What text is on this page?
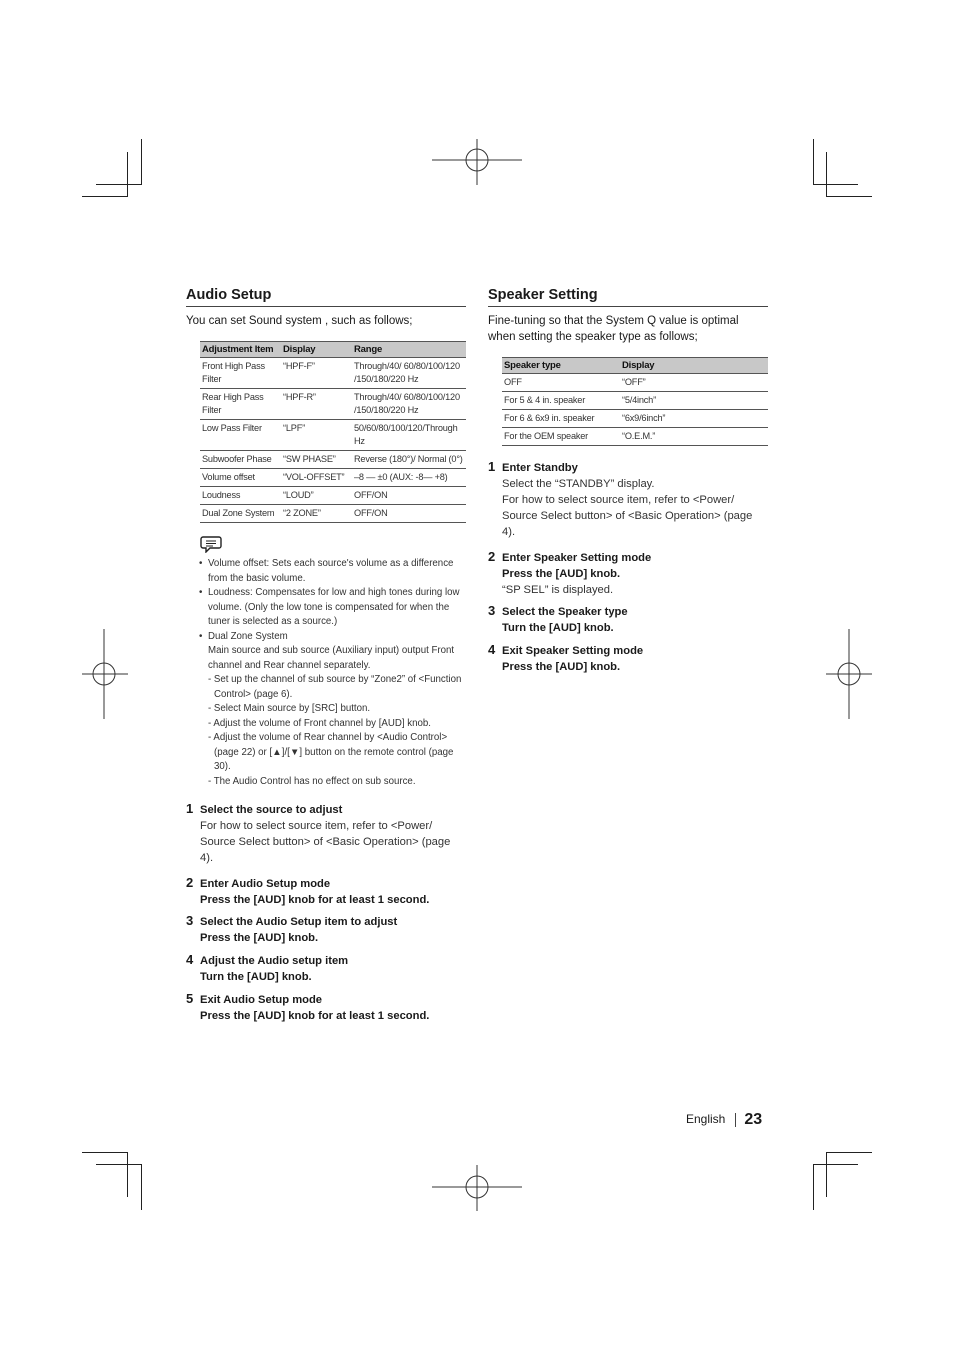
Audio Setup

You can set Sound system , such as follows;

Adjustment Item	Display	Range
Front High Pass Filter	“HPF-F”	Through/40/ 60/80/100/120 /150/180/220 Hz
Rear High Pass Filter	“HPF-R”	Through/40/ 60/80/100/120 /150/180/220 Hz
Low Pass Filter	“LPF”	50/60/80/100/120/Through Hz
Subwoofer Phase	“SW PHASE”	Reverse (180°)/ Normal (0°)
Volume offset	“VOL-OFFSET”	–8 — ±0 (AUX: -8— +8)
Loudness	“LOUD”	OFF/ON
Dual Zone System	“2 ZONE”	OFF/ON
• Volume offset: Sets each source's volume as a difference from the basic volume.
• Loudness: Compensates for low and high tones during low volume. (Only the low tone is compensated for when the tuner is selected as a source.)
• Dual Zone System
Main source and sub source (Auxiliary input) output Front channel and Rear channel separately.
- Set up the channel of sub source by “Zone2” of <Function Control> (page 6).
- Select Main source by [SRC] button.
- Adjust the volume of Front channel by [AUD] knob.
- Adjust the volume of Rear channel by <Audio Control> (page 22) or [▲]/[▼] button on the remote control (page 30).
- The Audio Control has no effect on sub source.
1 Select the source to adjust
For how to select source item, refer to <Power/ Source Select button> of <Basic Operation> (page 4).
2 Enter Audio Setup mode
Press the [AUD] knob for at least 1 second.
3 Select the Audio Setup item to adjust
Press the [AUD] knob.
4 Adjust the Audio setup item
Turn the [AUD] knob.
5 Exit Audio Setup mode
Press the [AUD] knob for at least 1 second.
Speaker Setting

Fine-tuning so that the System Q value is optimal when setting the speaker type as follows;

Speaker type	Display
OFF	“OFF”
For 5 & 4 in. speaker	“5/4inch”
For 6 & 6x9 in. speaker	“6x9/6inch”
For the OEM speaker	“O.E.M.”
1 Enter Standby
Select the “STANDBY” display.
For how to select source item, refer to <Power/ Source Select button> of <Basic Operation> (page 4).
2 Enter Speaker Setting mode
Press the [AUD] knob.
“SP SEL” is displayed.
3 Select the Speaker type
Turn the [AUD] knob.
4 Exit Speaker Setting mode
Press the [AUD] knob.
English 23
